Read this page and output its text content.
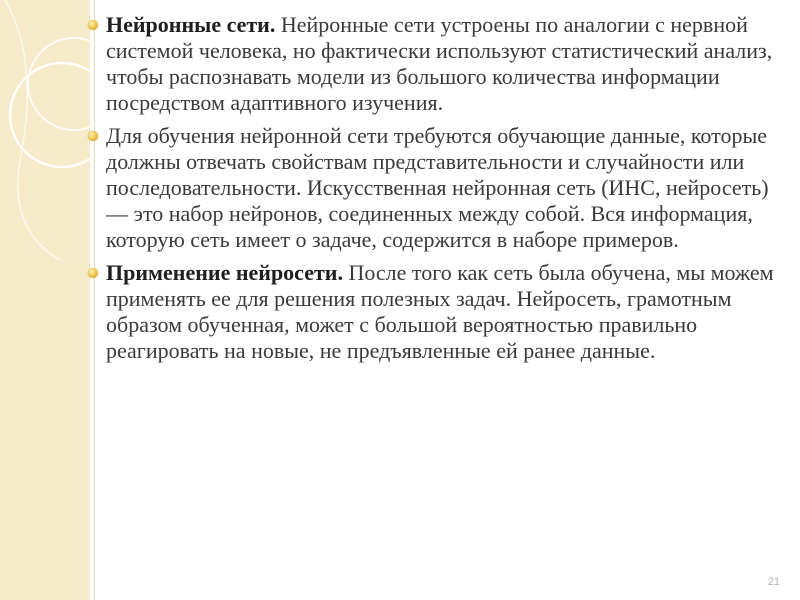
Нейронные сети. Нейронные сети устроены по аналогии с нервной системой человека, но фактически используют статистический анализ, чтобы распознавать модели из большого количества информации посредством адаптивного изучения.

Для обучения нейронной сети требуются обучающие данные, которые должны отвечать свойствам представительности и случайности или последовательности. Искусственная нейронная сеть (ИНС, нейросеть) — это набор нейронов, соединенных между собой. Вся информация, которую сеть имеет о задаче, содержится в наборе примеров.

Применение нейросети. После того как сеть была обучена, мы можем применять ее для решения полезных задач. Нейросеть, грамотным образом обученная, может с большой вероятностью правильно реагировать на новые, не предъявленные ей ранее данные.

21
